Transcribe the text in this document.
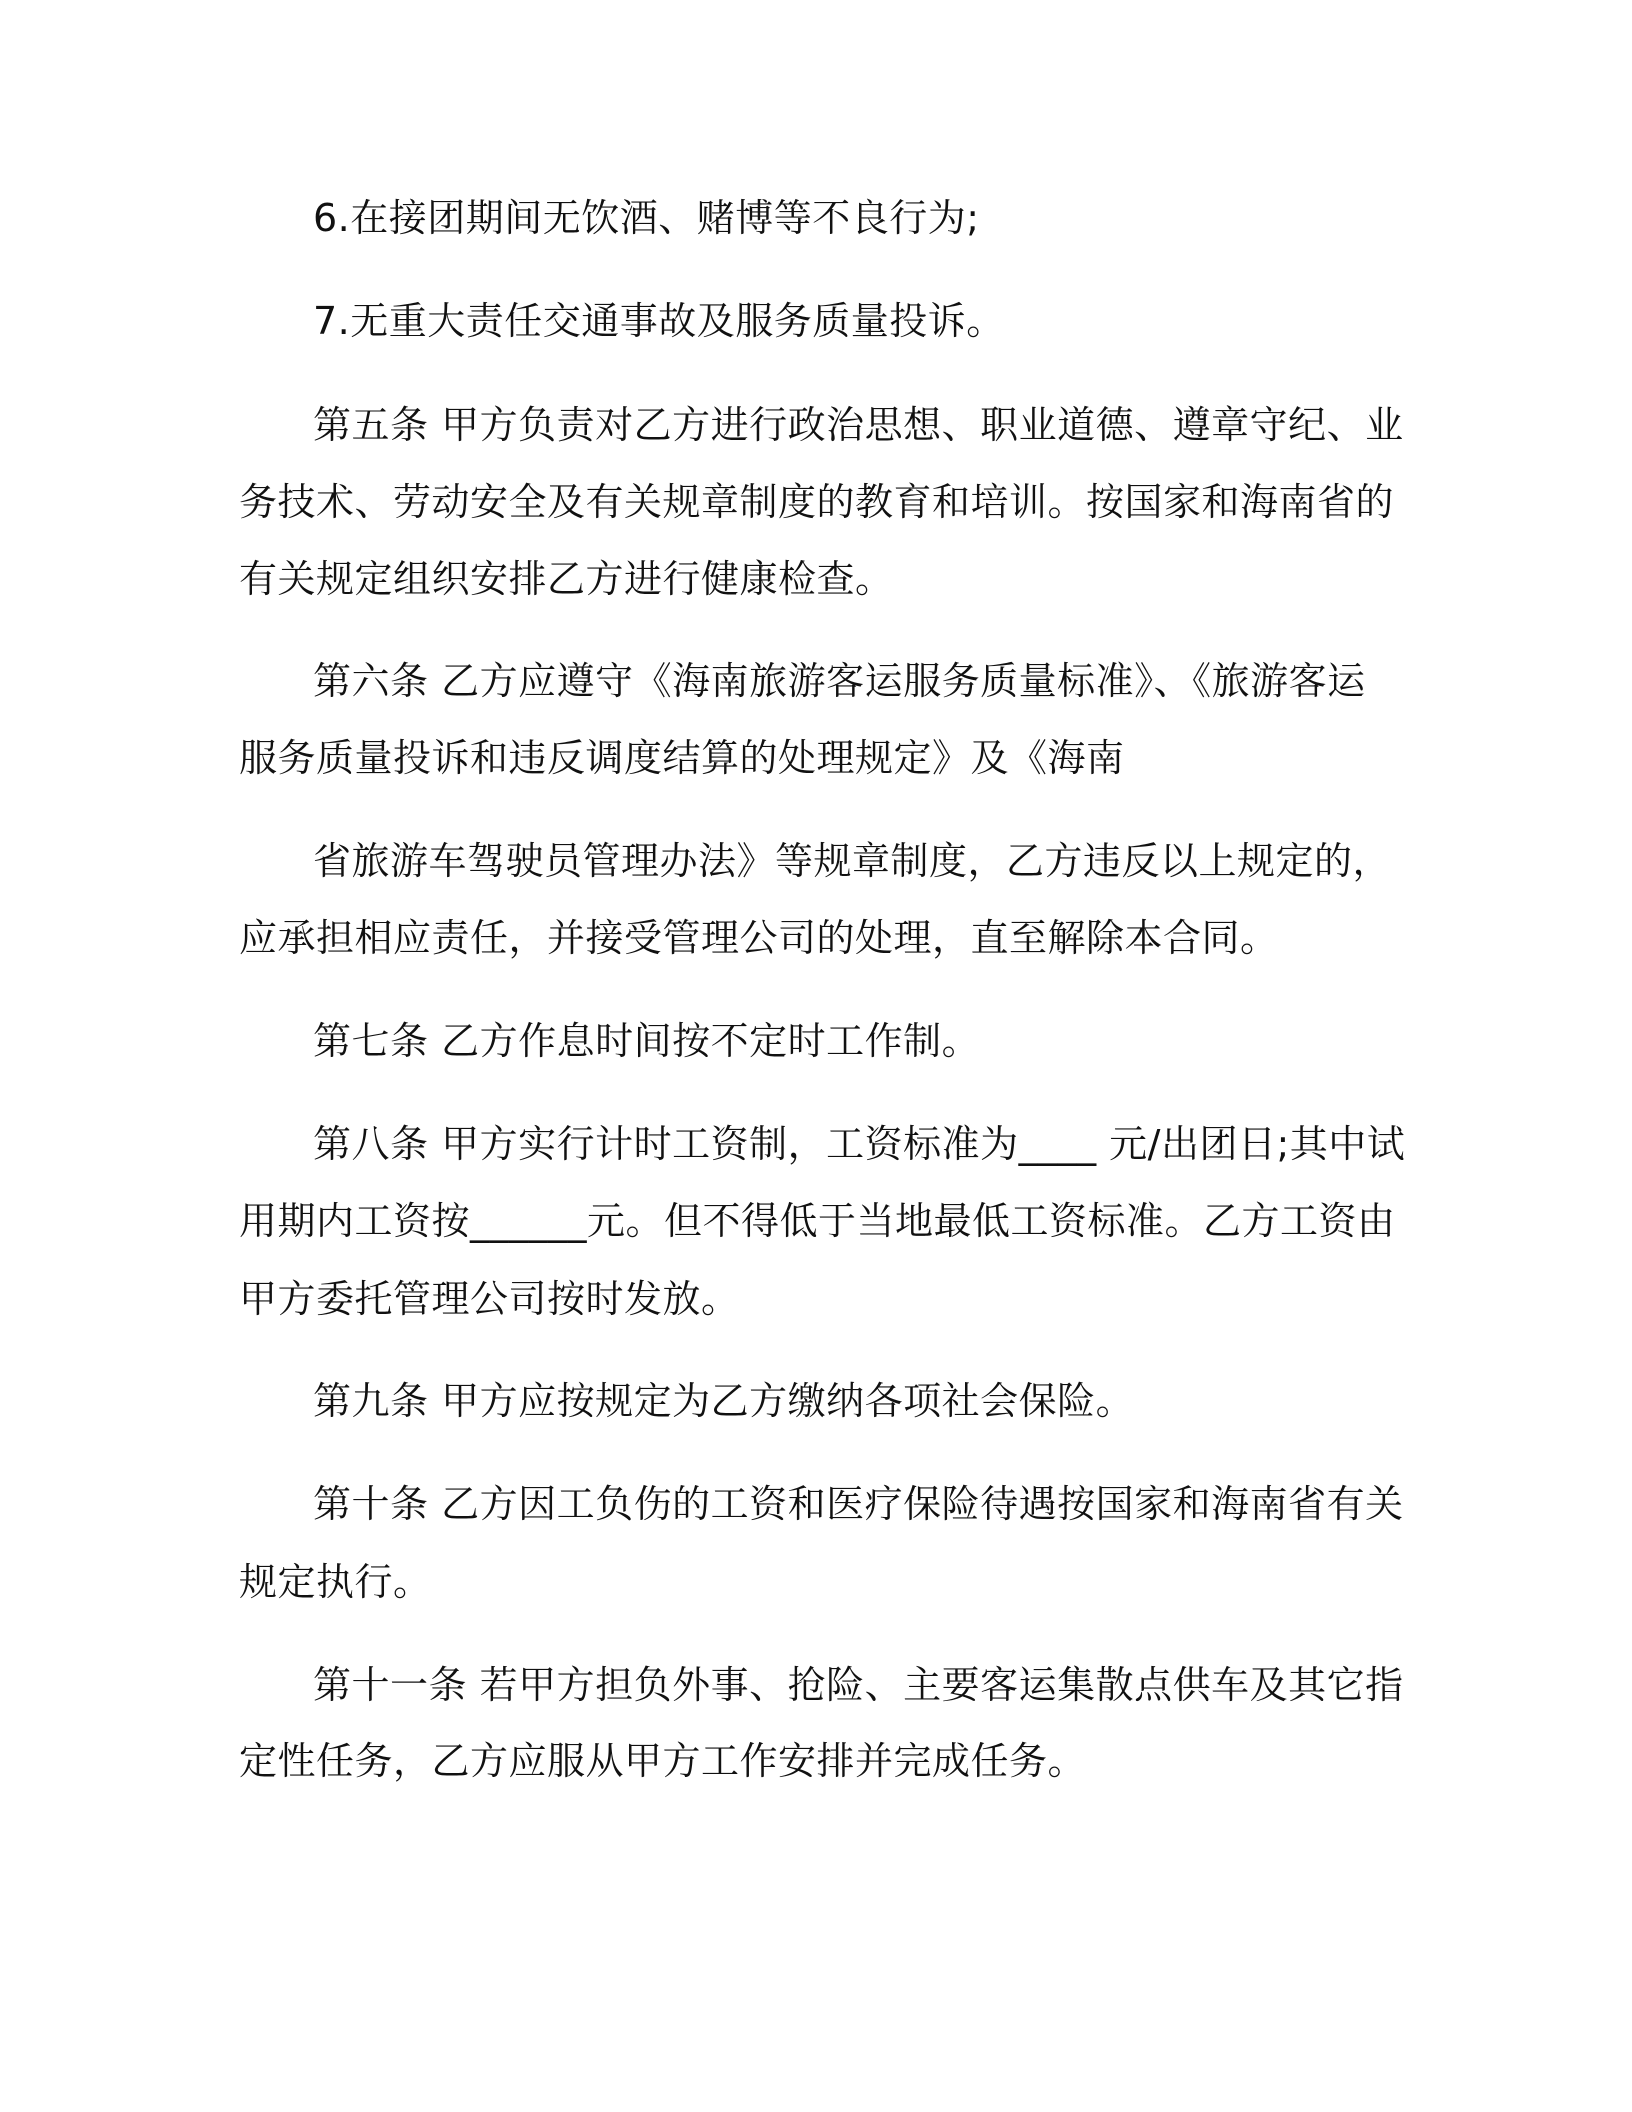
6.在接团期间无饮酒、赌博等不良行为;
7.无重大责任交通事故及服务质量投诉。
第五条 甲方负责对乙方进行政治思想、职业道德、遵章守纪、业
务技术、劳动安全及有关规章制度的教育和培训。按国家和海南省的
有关规定组织安排乙方进行健康检查。
第六条 乙方应遵守《海南旅游客运服务质量标准》、《旅游客运
服务质量投诉和违反调度结算的处理规定》及《海南
省旅游车驾驶员管理办法》等规章制度，乙方违反以上规定的，
应承担相应责任，并接受管理公司的处理，直至解除本合同。
第七条 乙方作息时间按不定时工作制。
第八条 甲方实行计时工资制，工资标准为____ 元/出团日;其中试
用期内工资按______元。但不得低于当地最低工资标准。乙方工资由
甲方委托管理公司按时发放。
第九条 甲方应按规定为乙方缴纳各项社会保险。
第十条 乙方因工负伤的工资和医疗保险待遇按国家和海南省有关
规定执行。
第十一条 若甲方担负外事、抢险、主要客运集散点供车及其它指
定性任务，乙方应服从甲方工作安排并完成任务。
